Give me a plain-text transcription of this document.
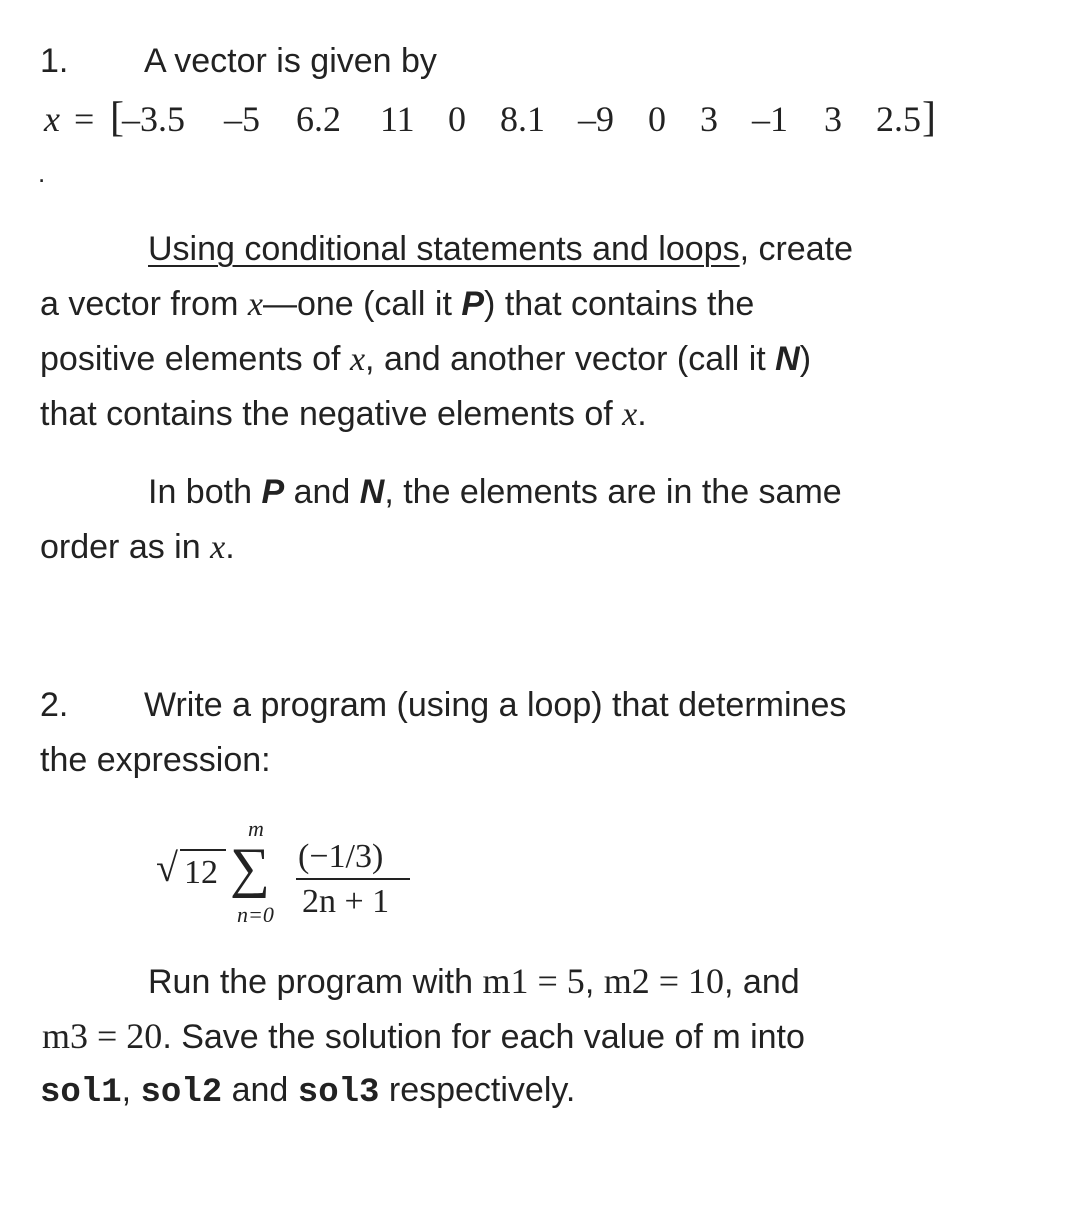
1. A vector is given by
x = [
–3.5 –5 6.2 11 0 8.1 –9 0 3 –1 3 2.5 ]
.
Using conditional statements and loops, create
a vector from x—one (call it P) that contains the
positive elements of x, and another vector (call it N)
that contains the negative elements of x.
In both P and N, the elements are in the same
order as in x.
2. Write a program (using a loop) that determines
the expression:
√ 12
m
∑
n=0
(−1/3)
2n + 1
Run the program with m1 = 5, m2 = 10, and
m3 = 20. Save the solution for each value of m into
sol1, sol2 and sol3 respectively.
